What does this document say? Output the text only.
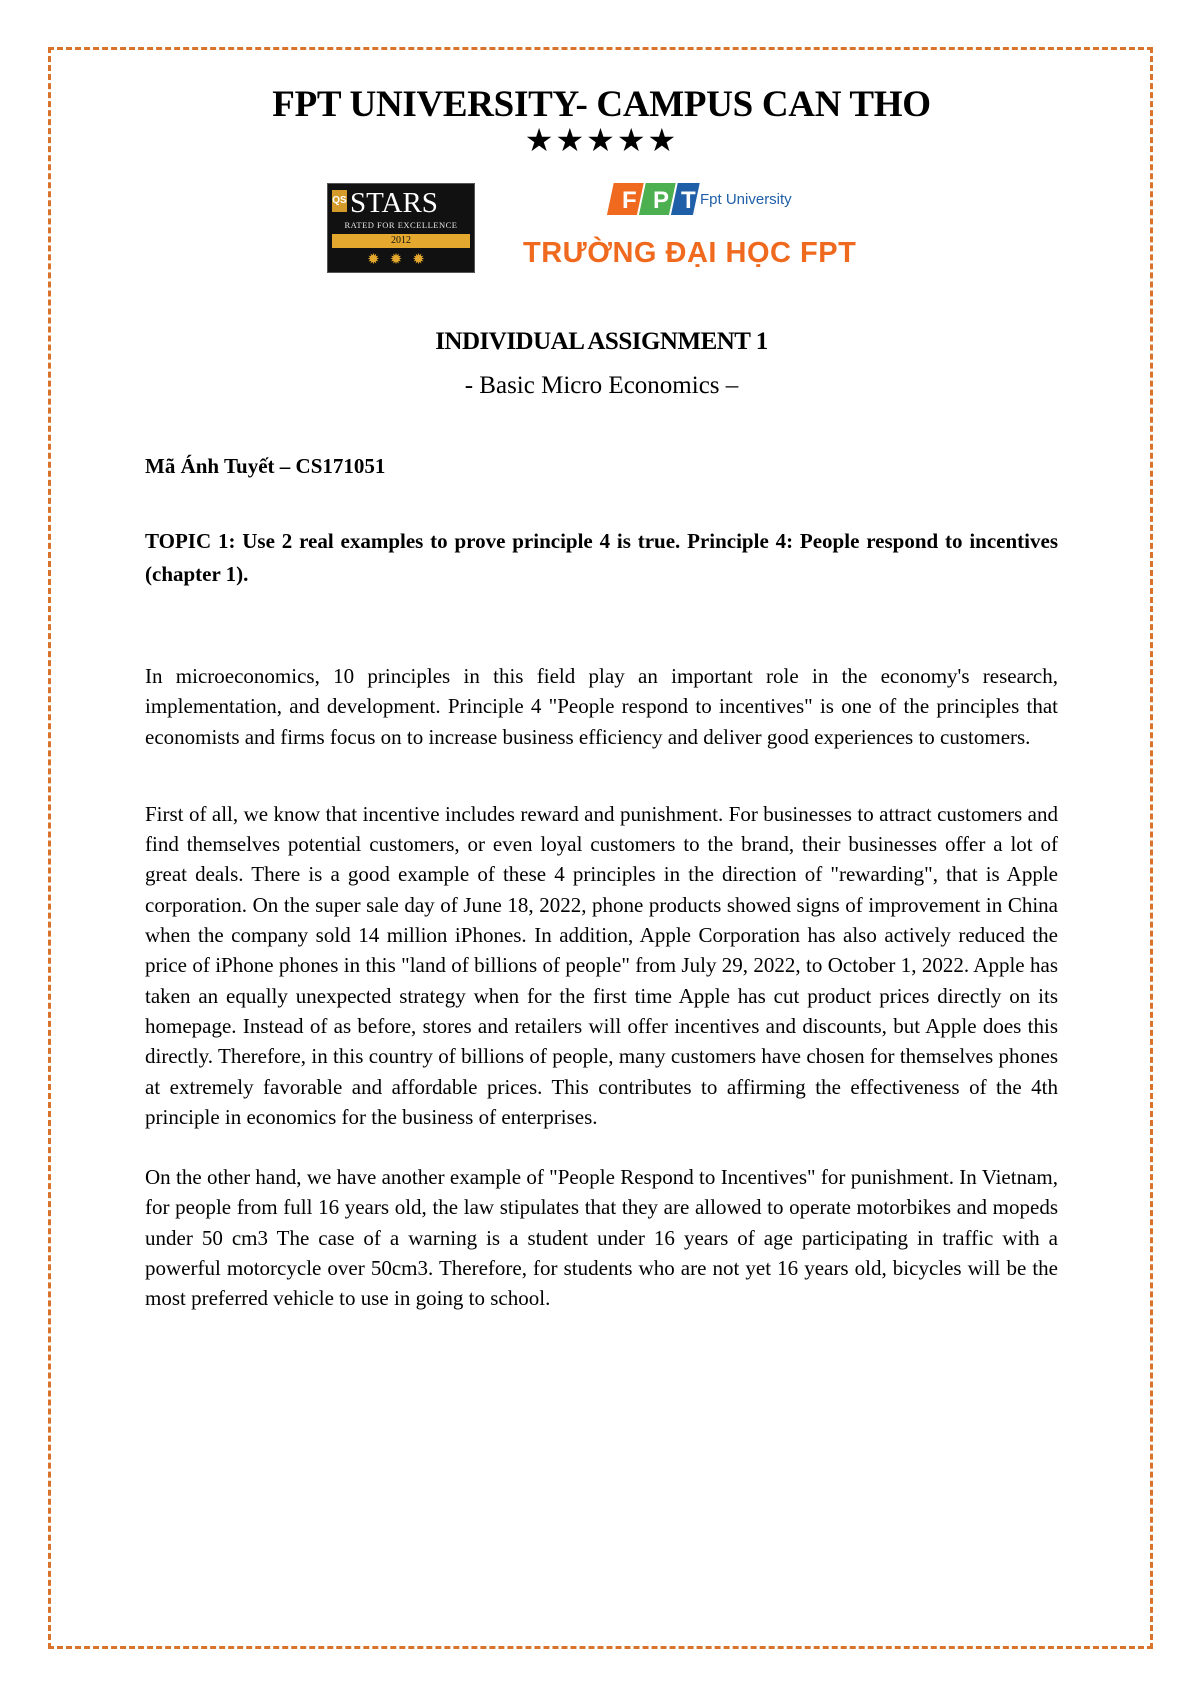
FPT UNIVERSITY- CAMPUS CAN THO
★★★★★
QS STARS
RATED FOR EXCELLENCE
2012
✹✹✹
F P T Fpt University
TRƯỜNG ĐẠI HỌC FPT
INDIVIDUAL ASSIGNMENT 1
- Basic Micro Economics –
Mã Ánh Tuyết – CS171051
TOPIC 1: Use 2 real examples to prove principle 4 is true. Principle 4: People respond to incentives (chapter 1).

In microeconomics, 10 principles in this field play an important role in the economy's research, implementation, and development. Principle 4 "People respond to incentives" is one of the principles that economists and firms focus on to increase business efficiency and deliver good experiences to customers.

First of all, we know that incentive includes reward and punishment. For businesses to attract customers and find themselves potential customers, or even loyal customers to the brand, their businesses offer a lot of great deals. There is a good example of these 4 principles in the direction of "rewarding", that is Apple corporation. On the super sale day of June 18, 2022, phone products showed signs of improvement in China when the company sold 14 million iPhones. In addition, Apple Corporation has also actively reduced the price of iPhone phones in this "land of billions of people" from July 29, 2022, to October 1, 2022. Apple has taken an equally unexpected strategy when for the first time Apple has cut product prices directly on its homepage. Instead of as before, stores and retailers will offer incentives and discounts, but Apple does this directly. Therefore, in this country of billions of people, many customers have chosen for themselves phones at extremely favorable and affordable prices. This contributes to affirming the effectiveness of the 4th principle in economics for the business of enterprises.

On the other hand, we have another example of "People Respond to Incentives" for punishment. In Vietnam, for people from full 16 years old, the law stipulates that they are allowed to operate motorbikes and mopeds under 50 cm3 The case of a warning is a student under 16 years of age participating in traffic with a powerful motorcycle over 50cm3. Therefore, for students who are not yet 16 years old, bicycles will be the most preferred vehicle to use in going to school.
